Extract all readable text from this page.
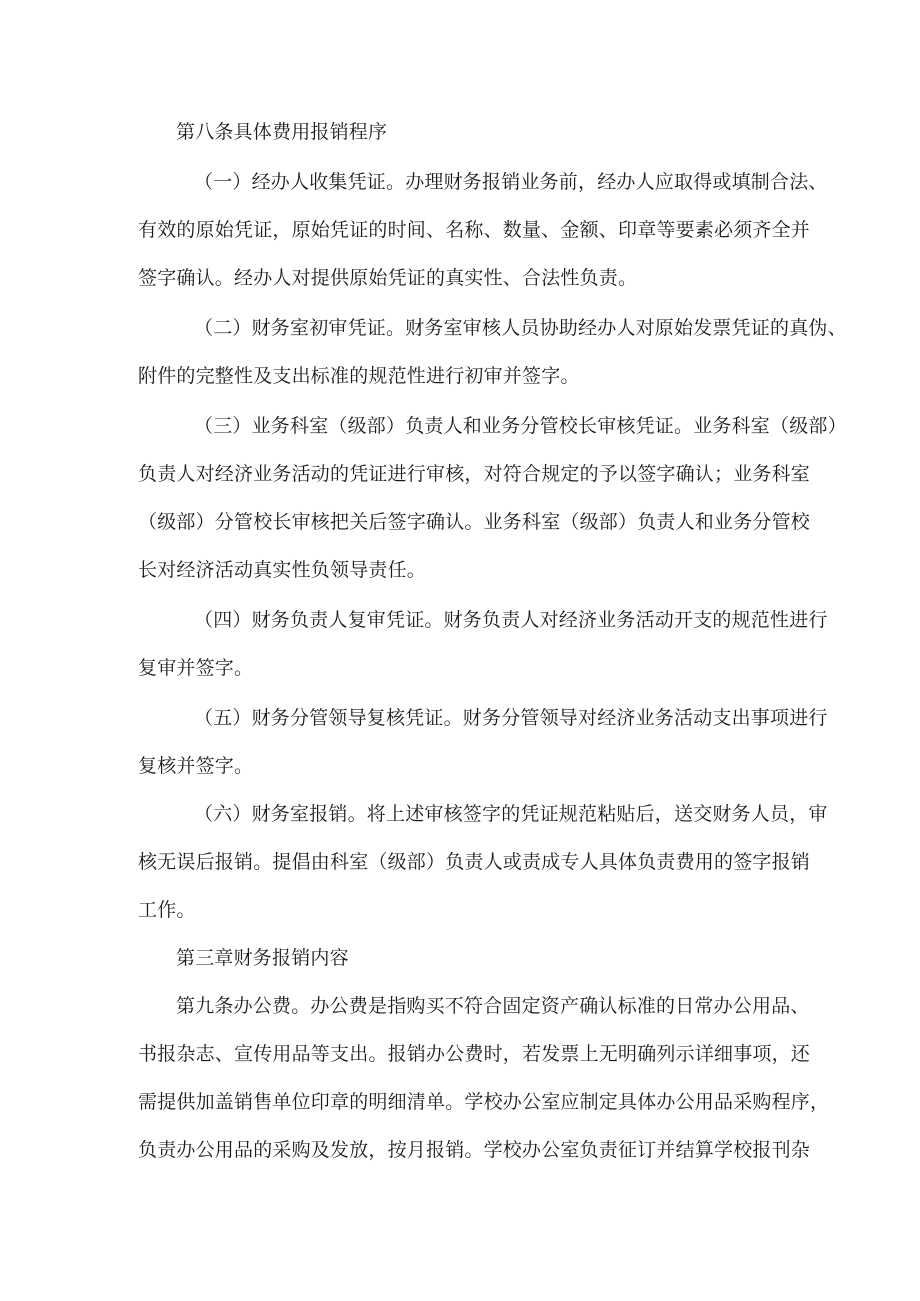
第八条具体费用报销程序
（一）经办人收集凭证。办理财务报销业务前，经办人应取得或填制合法、
有效的原始凭证，原始凭证的时间、名称、数量、金额、印章等要素必须齐全并
签字确认。经办人对提供原始凭证的真实性、合法性负责。
（二）财务室初审凭证。财务室审核人员协助经办人对原始发票凭证的真伪、
附件的完整性及支出标准的规范性进行初审并签字。
（三）业务科室（级部）负责人和业务分管校长审核凭证。业务科室（级部）
负责人对经济业务活动的凭证进行审核，对符合规定的予以签字确认；业务科室
（级部）分管校长审核把关后签字确认。业务科室（级部）负责人和业务分管校
长对经济活动真实性负领导责任。
（四）财务负责人复审凭证。财务负责人对经济业务活动开支的规范性进行
复审并签字。
（五）财务分管领导复核凭证。财务分管领导对经济业务活动支出事项进行
复核并签字。
（六）财务室报销。将上述审核签字的凭证规范粘贴后，送交财务人员，审
核无误后报销。提倡由科室（级部）负责人或责成专人具体负责费用的签字报销
工作。
第三章财务报销内容
第九条办公费。办公费是指购买不符合固定资产确认标准的日常办公用品、
书报杂志、宣传用品等支出。报销办公费时，若发票上无明确列示详细事项，还
需提供加盖销售单位印章的明细清单。学校办公室应制定具体办公用品采购程序，
负责办公用品的采购及发放，按月报销。学校办公室负责征订并结算学校报刊杂
